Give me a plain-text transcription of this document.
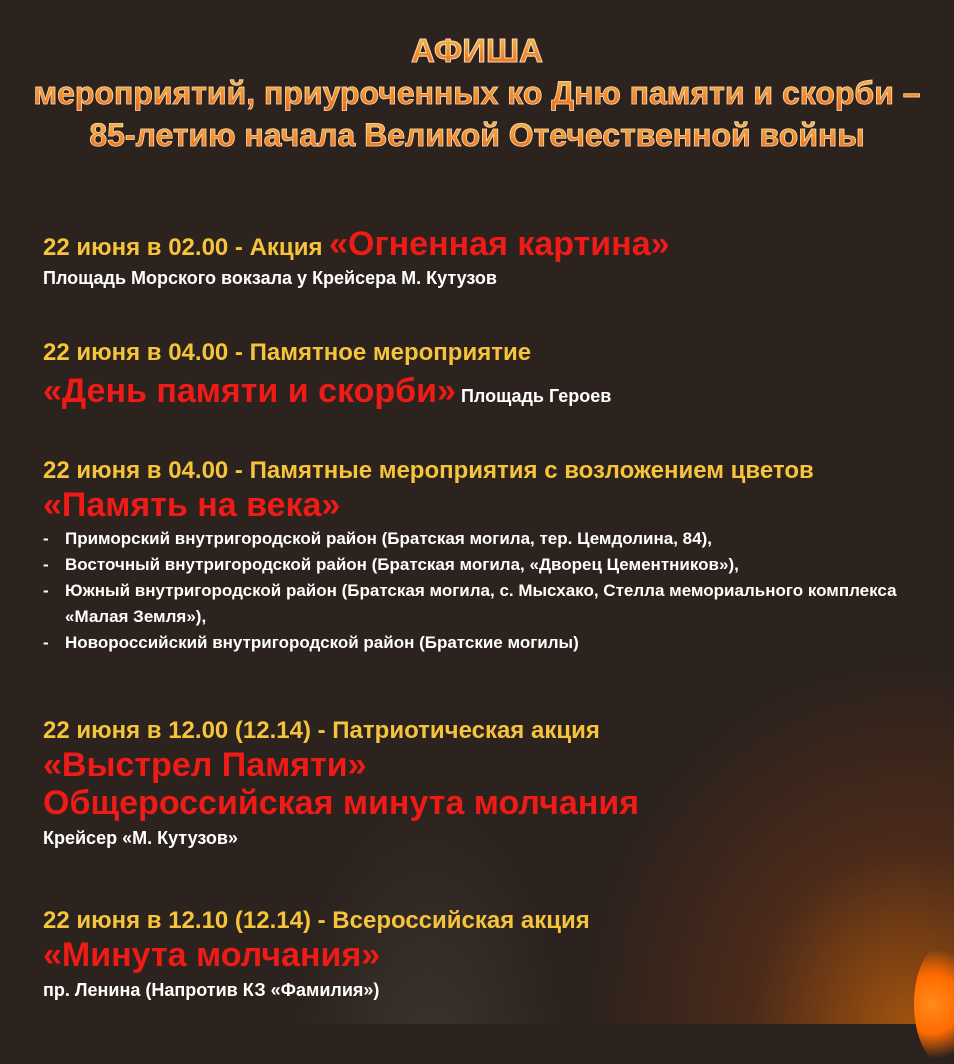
АФИША
мероприятий, приуроченных ко Дню памяти и скорби –
85-летию начала Великой Отечественной войны
22 июня в 02.00 - Акция «Огненная картина»
Площадь Морского вокзала у Крейсера М. Кутузов
22 июня в 04.00 - Памятное мероприятие
«День памяти и скорби» Площадь Героев
22 июня в 04.00 - Памятные мероприятия с возложением цветов
«Память на века»
- Приморский внутригородской район (Братская могила, тер. Цемдолина, 84),
- Восточный внутригородской район (Братская могила, «Дворец Цементников»),
- Южный внутригородской район (Братская могила, с. Мысхако, Стелла мемориального комплекса «Малая Земля»),
- Новороссийский внутригородской район (Братские могилы)
22 июня в 12.00 (12.14) - Патриотическая акция
«Выстрел Памяти»
Общероссийская минута молчания
Крейсер «М. Кутузов»
22 июня в 12.10 (12.14) - Всероссийская акция
«Минута молчания»
пр. Ленина (Напротив КЗ «Фамилия»)
